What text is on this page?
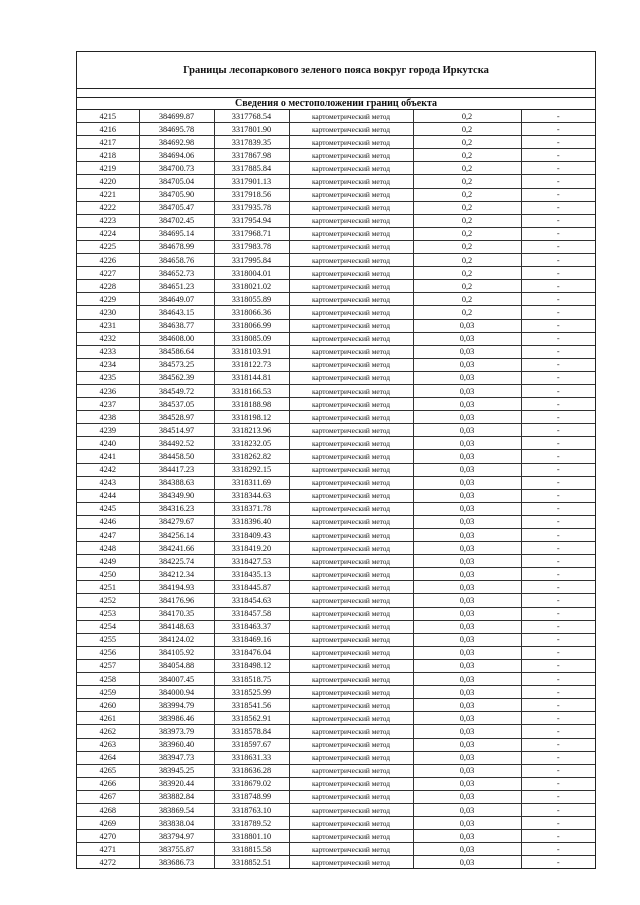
Границы лесопаркового зеленого пояса вокруг города Иркутска
Сведения о местоположении границ объекта
4215	384699.87	3317768.54	картометрический метод	0,2	-
4216	384695.78	3317801.90	картометрический метод	0,2	-
4217	384692.98	3317839.35	картометрический метод	0,2	-
4218	384694.06	3317867.98	картометрический метод	0,2	-
4219	384700.73	3317885.84	картометрический метод	0,2	-
4220	384705.04	3317901.13	картометрический метод	0,2	-
4221	384705.90	3317918.56	картометрический метод	0,2	-
4222	384705.47	3317935.78	картометрический метод	0,2	-
4223	384702.45	3317954.94	картометрический метод	0,2	-
4224	384695.14	3317968.71	картометрический метод	0,2	-
4225	384678.99	3317983.78	картометрический метод	0,2	-
4226	384658.76	3317995.84	картометрический метод	0,2	-
4227	384652.73	3318004.01	картометрический метод	0,2	-
4228	384651.23	3318021.02	картометрический метод	0,2	-
4229	384649.07	3318055.89	картометрический метод	0,2	-
4230	384643.15	3318066.36	картометрический метод	0,2	-
4231	384638.77	3318066.99	картометрический метод	0,03	-
4232	384608.00	3318085.09	картометрический метод	0,03	-
4233	384586.64	3318103.91	картометрический метод	0,03	-
4234	384573.25	3318122.73	картометрический метод	0,03	-
4235	384562.39	3318144.81	картометрический метод	0,03	-
4236	384549.72	3318166.53	картометрический метод	0,03	-
4237	384537.05	3318188.98	картометрический метод	0,03	-
4238	384528.97	3318198.12	картометрический метод	0,03	-
4239	384514.97	3318213.96	картометрический метод	0,03	-
4240	384492.52	3318232.05	картометрический метод	0,03	-
4241	384458.50	3318262.82	картометрический метод	0,03	-
4242	384417.23	3318292.15	картометрический метод	0,03	-
4243	384388.63	3318311.69	картометрический метод	0,03	-
4244	384349.90	3318344.63	картометрический метод	0,03	-
4245	384316.23	3318371.78	картометрический метод	0,03	-
4246	384279.67	3318396.40	картометрический метод	0,03	-
4247	384256.14	3318409.43	картометрический метод	0,03	-
4248	384241.66	3318419.20	картометрический метод	0,03	-
4249	384225.74	3318427.53	картометрический метод	0,03	-
4250	384212.34	3318435.13	картометрический метод	0,03	-
4251	384194.93	3318445.87	картометрический метод	0,03	-
4252	384176.96	3318454.63	картометрический метод	0,03	-
4253	384170.35	3318457.58	картометрический метод	0,03	-
4254	384148.63	3318463.37	картометрический метод	0,03	-
4255	384124.02	3318469.16	картометрический метод	0,03	-
4256	384105.92	3318476.04	картометрический метод	0,03	-
4257	384054.88	3318498.12	картометрический метод	0,03	-
4258	384007.45	3318518.75	картометрический метод	0,03	-
4259	384000.94	3318525.99	картометрический метод	0,03	-
4260	383994.79	3318541.56	картометрический метод	0,03	-
4261	383986.46	3318562.91	картометрический метод	0,03	-
4262	383973.79	3318578.84	картометрический метод	0,03	-
4263	383960.40	3318597.67	картометрический метод	0,03	-
4264	383947.73	3318631.33	картометрический метод	0,03	-
4265	383945.25	3318636.28	картометрический метод	0,03	-
4266	383920.44	3318679.02	картометрический метод	0,03	-
4267	383882.84	3318748.99	картометрический метод	0,03	-
4268	383869.54	3318763.10	картометрический метод	0,03	-
4269	383838.04	3318789.52	картометрический метод	0,03	-
4270	383794.97	3318801.10	картометрический метод	0,03	-
4271	383755.87	3318815.58	картометрический метод	0,03	-
4272	383686.73	3318852.51	картометрический метод	0,03	-
